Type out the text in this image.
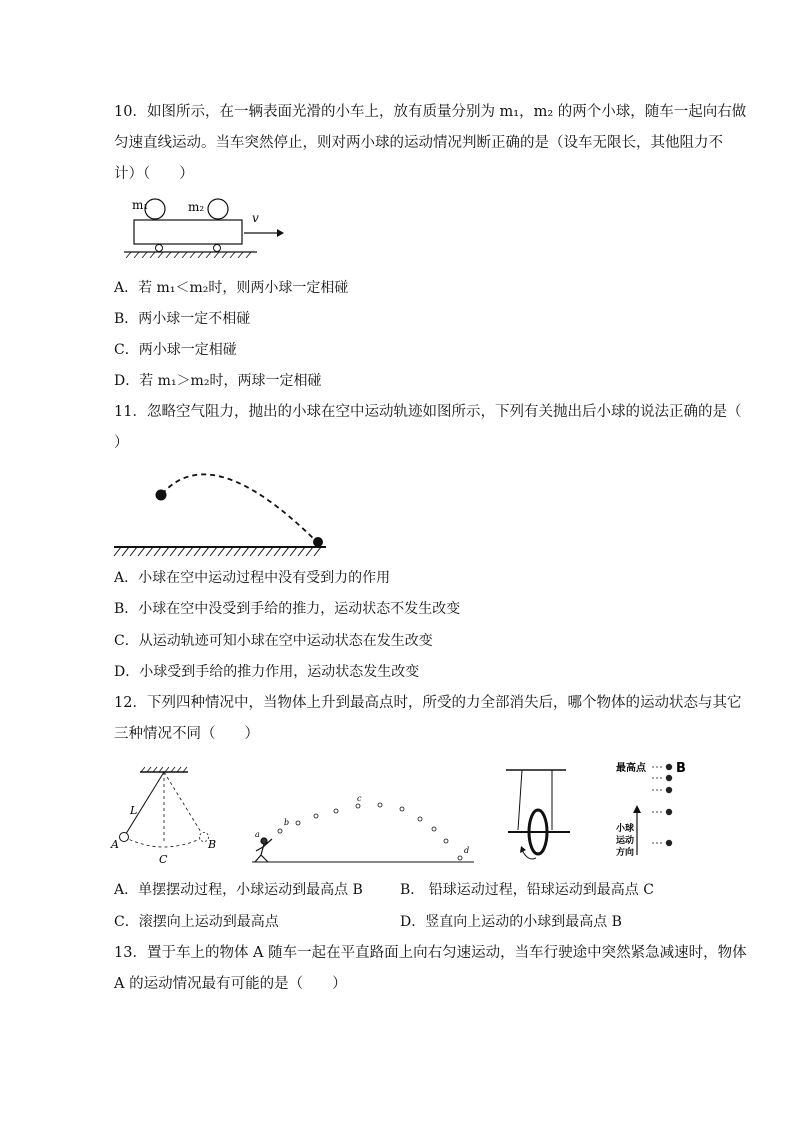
10．如图所示，在一辆表面光滑的小车上，放有质量分别为 m₁，m₂ 的两个小球，随车一起向右做
匀速直线运动。当车突然停止，则对两小球的运动情况判断正确的是（设车无限长，其他阻力不
计）（　　）
m₁	m₂
v
A．若 m₁＜m₂时，则两小球一定相碰
B．两小球一定不相碰
C．两小球一定相碰
D．若 m₁＞m₂时，两球一定相碰
11．忽略空气阻力，抛出的小球在空中运动轨迹如图所示，下列有关抛出后小球的说法正确的是（
）
A．小球在空中运动过程中没有受到力的作用
B．小球在空中没受到手给的推力，运动状态不发生改变
C．从运动轨迹可知小球在空中运动状态在发生改变
D．小球受到手给的推力作用，运动状态发生改变
12．下列四种情况中，当物体上升到最高点时，所受的力全部消失后，哪个物体的运动状态与其它
三种情况不同（　　）
L
A	B
C
a
b
c
d
最高点 B
小球
运动
方向
A．单摆摆动过程，小球运动到最高点 B	B． 铅球运动过程，铅球运动到最高点 C
C．滚摆向上运动到最高点	D．竖直向上运动的小球到最高点 B
13．置于车上的物体 A 随车一起在平直路面上向右匀速运动，当车行驶途中突然紧急减速时，物体
A 的运动情况最有可能的是（　　）
